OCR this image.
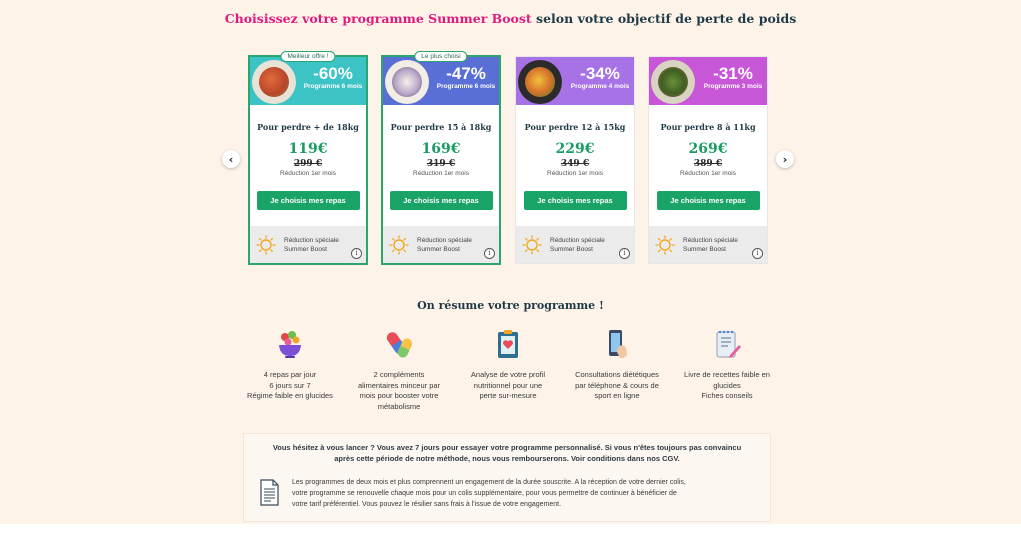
Choisissez votre programme Summer Boost selon votre objectif de perte de poids
‹	›
-60%
Programme 6 mois
Meilleur offre !
Pour perdre + de 18kg
119€
299 €
Réduction 1er mois
Je choisis mes repas
Réduction spéciale
Summer Boost	i
-47%
Programme 6 mois
Le plus choisi
Pour perdre 15 à 18kg
169€
319 €
Réduction 1er mois
Je choisis mes repas
Réduction spéciale
Summer Boost	i
-34%
Programme 4 mois
Pour perdre 12 à 15kg
229€
349 €
Réduction 1er mois
Je choisis mes repas
Réduction spéciale
Summer Boost	i
-31%
Programme 3 mois
Pour perdre 8 à 11kg
269€
389 €
Réduction 1er mois
Je choisis mes repas
Réduction spéciale
Summer Boost	i
On résume votre programme !
4 repas par jour
6 jours sur 7
Régime faible en glucides
2 compléments
alimentaires minceur par
mois pour booster votre
métabolisme
Analyse de votre profil
nutritionnel pour une
perte sur-mesure
Consultations diététiques
par téléphone & cours de
sport en ligne
Livre de recettes faible en
glucides
Fiches conseils
Vous hésitez à vous lancer ? Vous avez 7 jours pour essayer votre programme personnalisé. Si vous n'êtes toujours pas convaincu
après cette période de notre méthode, nous vous rembourserons. Voir conditions dans nos CGV.
Les programmes de deux mois et plus comprennent un engagement de la durée souscrite. A la réception de votre dernier colis,
votre programme se renouvelle chaque mois pour un colis supplémentaire, pour vous permettre de continuer à bénéficier de
votre tarif préférentiel. Vous pouvez le résilier sans frais à l'issue de votre engagement.
